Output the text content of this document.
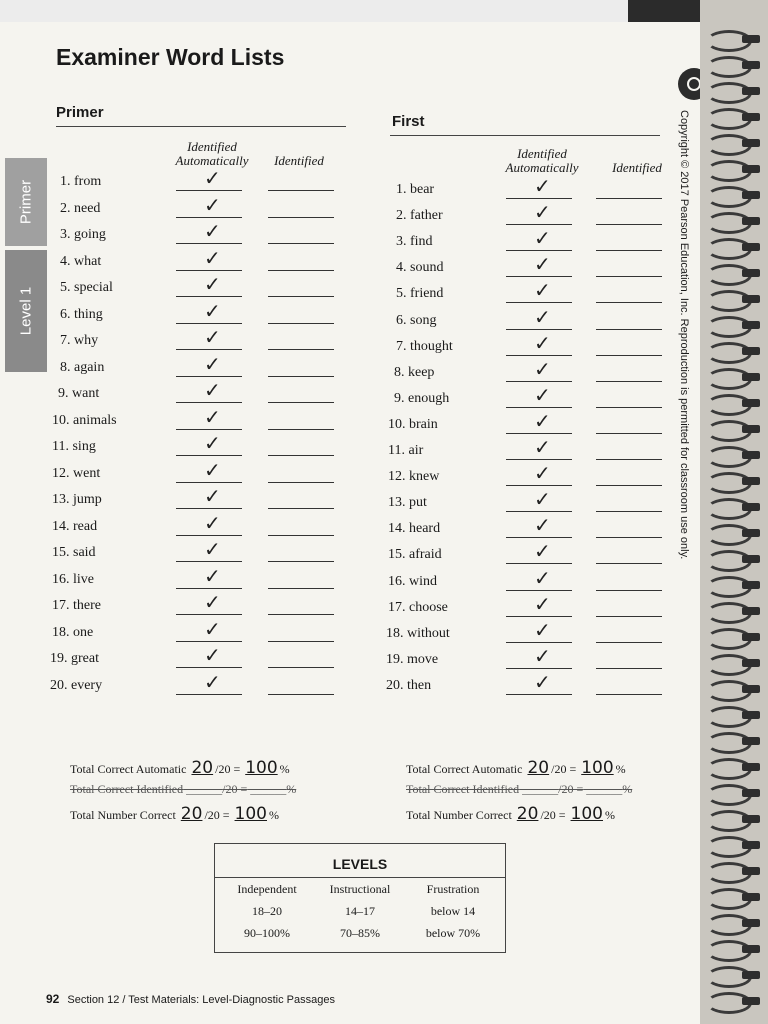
Primer
Level 1
Examiner Word Lists
Primer
Identified Automatically	Identified
1. from	✓
2. need	✓
3. going	✓
4. what	✓
5. special	✓
6. thing	✓
7. why	✓
8. again	✓
9. want	✓
10. animals	✓
11. sing	✓
12. went	✓
13. jump	✓
14. read	✓
15. said	✓
16. live	✓
17. there	✓
18. one	✓
19. great	✓
20. every	✓
Total Correct Automatic 20 /20 = 100 %
Total Correct Identified ______/20 = ______%
Total Number Correct 20 /20 = 100 %
First
Identified Automatically	Identified
1. bear	✓
2. father	✓
3. find	✓
4. sound	✓
5. friend	✓
6. song	✓
7. thought	✓
8. keep	✓
9. enough	✓
10. brain	✓
11. air	✓
12. knew	✓
13. put	✓
14. heard	✓
15. afraid	✓
16. wind	✓
17. choose	✓
18. without	✓
19. move	✓
20. then	✓
Total Correct Automatic 20 /20 = 100 %
Total Correct Identified ______/20 = ______%
Total Number Correct 20 /20 = 100 %
LEVELS
Independent	Instructional	Frustration
18–20	14–17	below 14
90–100%	70–85%	below 70%
Copyright © 2017 Pearson Education, Inc. Reproduction is permitted for classroom use only.
92 Section 12 / Test Materials: Level-Diagnostic Passages
